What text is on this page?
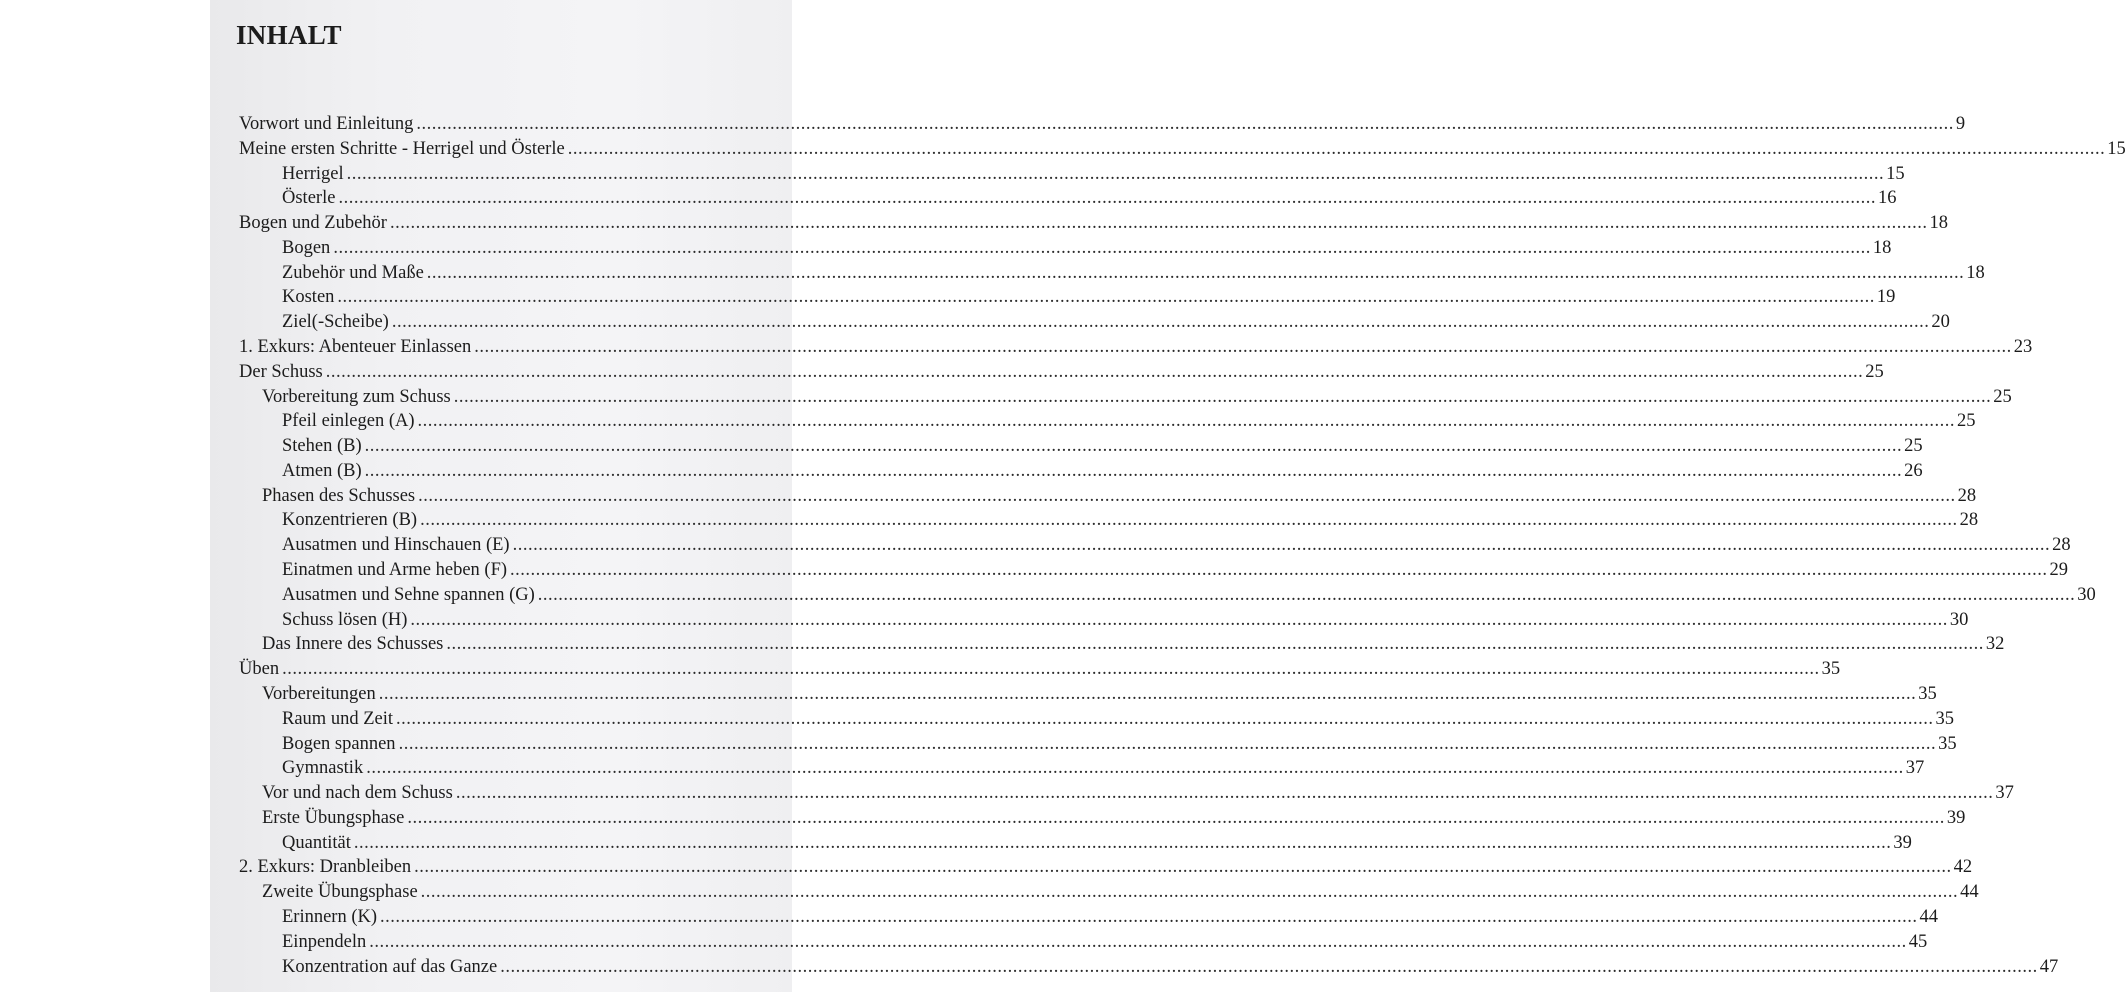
INHALT
Vorwort und Einleitung ............................................................................................................................................................................................................................................................................................................ 9
Meine ersten Schritte - Herrigel und Österle ............................................................................................................................................................................................................................................................................................................ 15
Herrigel ............................................................................................................................................................................................................................................................................................................ 15
Österle ............................................................................................................................................................................................................................................................................................................ 16
Bogen und Zubehör ............................................................................................................................................................................................................................................................................................................ 18
Bogen ............................................................................................................................................................................................................................................................................................................ 18
Zubehör und Maße ............................................................................................................................................................................................................................................................................................................ 18
Kosten ............................................................................................................................................................................................................................................................................................................ 19
Ziel(-Scheibe) ............................................................................................................................................................................................................................................................................................................ 20
1. Exkurs: Abenteuer Einlassen ............................................................................................................................................................................................................................................................................................................ 23
Der Schuss ............................................................................................................................................................................................................................................................................................................ 25
Vorbereitung zum Schuss ............................................................................................................................................................................................................................................................................................................ 25
Pfeil einlegen (A) ............................................................................................................................................................................................................................................................................................................ 25
Stehen (B) ............................................................................................................................................................................................................................................................................................................ 25
Atmen (B) ............................................................................................................................................................................................................................................................................................................ 26
Phasen des Schusses ............................................................................................................................................................................................................................................................................................................ 28
Konzentrieren (B) ............................................................................................................................................................................................................................................................................................................ 28
Ausatmen und Hinschauen (E) ............................................................................................................................................................................................................................................................................................................ 28
Einatmen und Arme heben (F) ............................................................................................................................................................................................................................................................................................................ 29
Ausatmen und Sehne spannen (G) ............................................................................................................................................................................................................................................................................................................ 30
Schuss lösen (H) ............................................................................................................................................................................................................................................................................................................ 30
Das Innere des Schusses ............................................................................................................................................................................................................................................................................................................ 32
Üben ............................................................................................................................................................................................................................................................................................................ 35
Vorbereitungen ............................................................................................................................................................................................................................................................................................................ 35
Raum und Zeit ............................................................................................................................................................................................................................................................................................................ 35
Bogen spannen ............................................................................................................................................................................................................................................................................................................ 35
Gymnastik ............................................................................................................................................................................................................................................................................................................ 37
Vor und nach dem Schuss ............................................................................................................................................................................................................................................................................................................ 37
Erste Übungsphase ............................................................................................................................................................................................................................................................................................................ 39
Quantität ............................................................................................................................................................................................................................................................................................................ 39
2. Exkurs: Dranbleiben ............................................................................................................................................................................................................................................................................................................ 42
Zweite Übungsphase ............................................................................................................................................................................................................................................................................................................ 44
Erinnern (K) ............................................................................................................................................................................................................................................................................................................ 44
Einpendeln ............................................................................................................................................................................................................................................................................................................ 45
Konzentration auf das Ganze ............................................................................................................................................................................................................................................................................................................ 47
